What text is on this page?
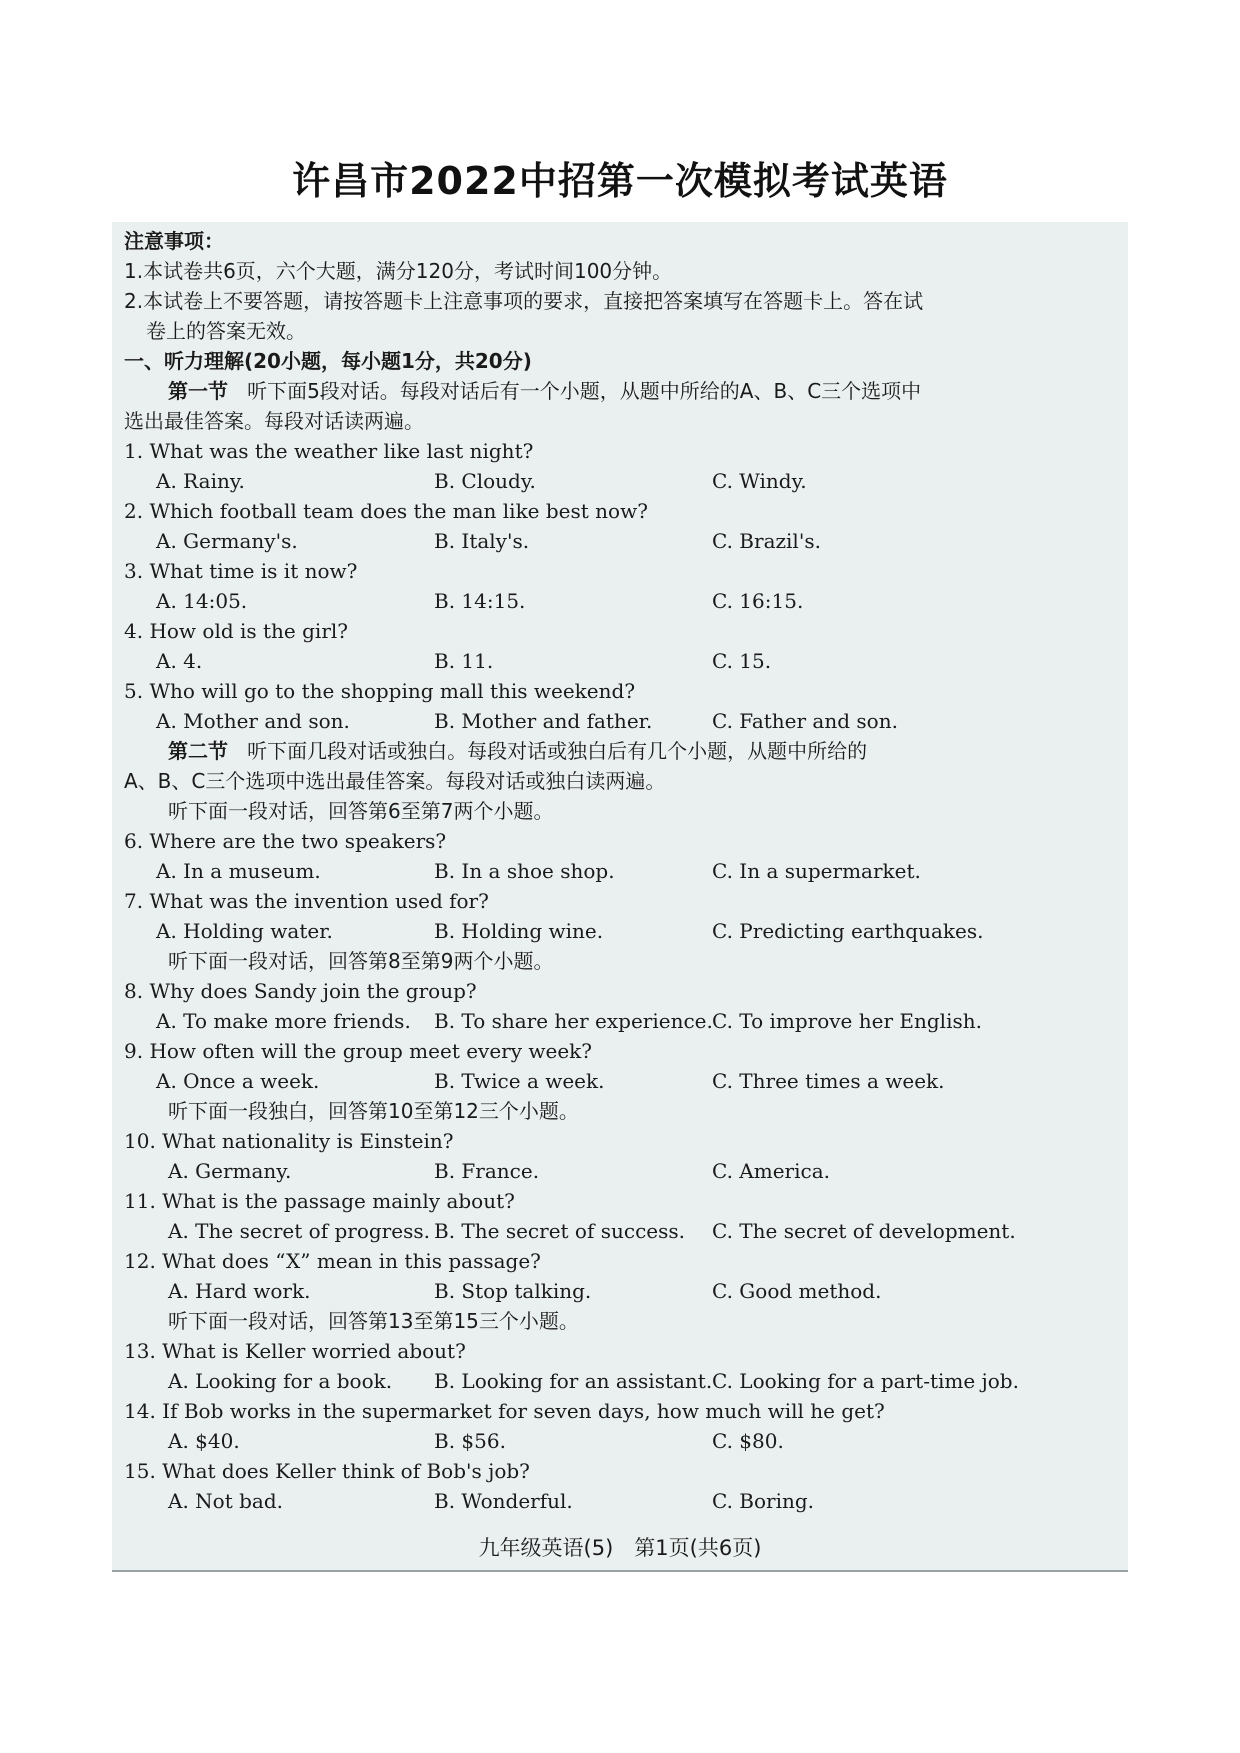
许昌市2022中招第一次模拟考试英语
注意事项：
1.本试卷共6页，六个大题，满分120分，考试时间100分钟。
2.本试卷上不要答题，请按答题卡上注意事项的要求，直接把答案填写在答题卡上。答在试
卷上的答案无效。
一、听力理解(20小题，每小题1分，共20分)
第一节 听下面5段对话。每段对话后有一个小题，从题中所给的A、B、C三个选项中
选出最佳答案。每段对话读两遍。
1. What was the weather like last night?
A. Rainy.	B. Cloudy.	C. Windy.
2. Which football team does the man like best now?
A. Germany's.	B. Italy's.	C. Brazil's.
3. What time is it now?
A. 14:05.	B. 14:15.	C. 16:15.
4. How old is the girl?
A. 4.	B. 11.	C. 15.
5. Who will go to the shopping mall this weekend?
A. Mother and son.	B. Mother and father.	C. Father and son.
第二节 听下面几段对话或独白。每段对话或独白后有几个小题，从题中所给的
A、B、C三个选项中选出最佳答案。每段对话或独白读两遍。
听下面一段对话，回答第6至第7两个小题。
6. Where are the two speakers?
A. In a museum.	B. In a shoe shop.	C. In a supermarket.
7. What was the invention used for?
A. Holding water.	B. Holding wine.	C. Predicting earthquakes.
听下面一段对话，回答第8至第9两个小题。
8. Why does Sandy join the group?
A. To make more friends. B. To share her experience. C. To improve her English.
9. How often will the group meet every week?
A. Once a week.	B. Twice a week.	C. Three times a week.
听下面一段独白，回答第10至第12三个小题。
10. What nationality is Einstein?
A. Germany.	B. France.	C. America.
11. What is the passage mainly about?
A. The secret of progress. B. The secret of success. C. The secret of development.
12. What does “X” mean in this passage?
A. Hard work.	B. Stop talking.	C. Good method.
听下面一段对话，回答第13至第15三个小题。
13. What is Keller worried about?
A. Looking for a book. B. Looking for an assistant. C. Looking for a part-time job.
14. If Bob works in the supermarket for seven days, how much will he get?
A. $40.	B. $56.	C. $80.
15. What does Keller think of Bob's job?
A. Not bad.	B. Wonderful.	C. Boring.
九年级英语(5)　第1页(共6页)
